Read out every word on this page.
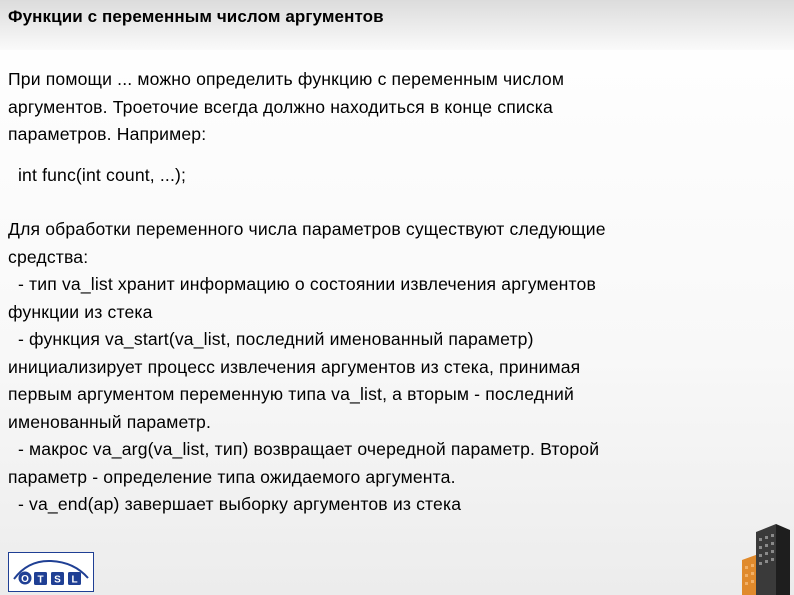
Функции с переменным числом аргументов

При помощи ... можно определить функцию с переменным числом

аргументов. Троеточие всегда должно находиться в конце списка

параметров. Например:

int func(int count, ...);

Для обработки переменного числа параметров существуют следующие

средства:

- тип va_list хранит информацию о состоянии извлечения аргументов

функции из стека

- функция va_start(va_list, последний именованный параметр)

инициализирует процесс извлечения аргументов из стека, принимая

первым аргументом переменную типа va_list, а вторым - последний

именованный параметр.

- макрос va_arg(va_list, тип) возвращает очередной параметр. Второй

параметр - определение типа ожидаемого аргумента.

- va_end(ap) завершает выборку аргументов из стека

O T S L
